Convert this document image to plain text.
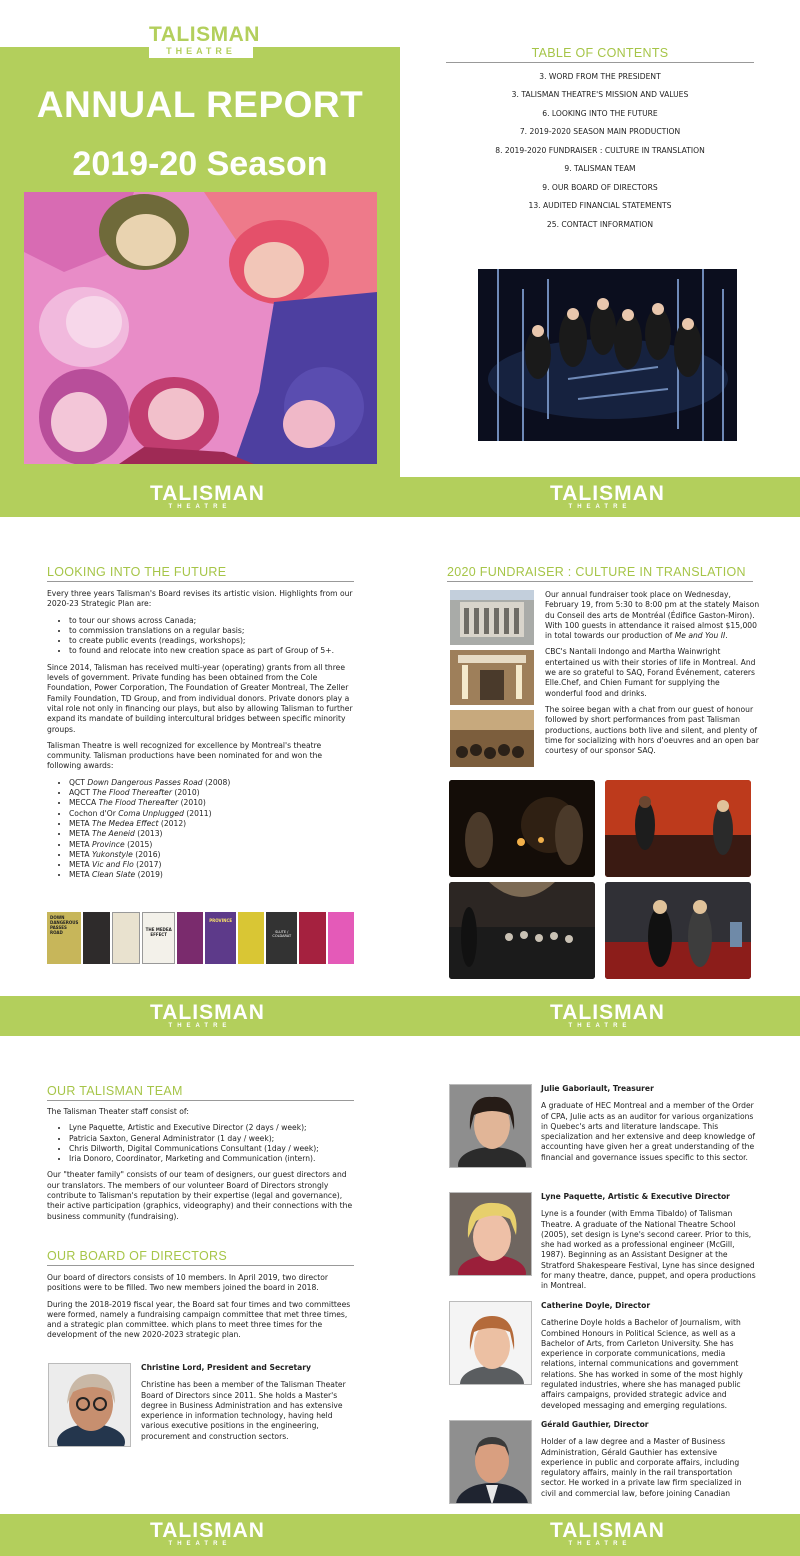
TALISMAN
THEATRE
ANNUAL REPORT
2019-20 Season
TABLE OF CONTENTS
3. WORD FROM THE PRESIDENT
3. TALISMAN THEATRE'S MISSION AND VALUES
6. LOOKING INTO THE FUTURE
7. 2019-2020 SEASON MAIN PRODUCTION
8. 2019-2020 FUNDRAISER : CULTURE IN TRANSLATION
9. TALISMAN TEAM
9. OUR BOARD OF DIRECTORS
13. AUDITED FINANCIAL STATEMENTS
25. CONTACT INFORMATION
TALISMAN
THEATRE
TALISMAN
THEATRE
LOOKING INTO THE FUTURE

Every three years Talisman's Board revises its artistic vision. Highlights from our 2020-23 Strategic Plan are:

• to tour our shows across Canada;
• to commission translations on a regular basis;
• to create public events (readings, workshops);
• to found and relocate into new creation space as part of Group of 5+.

Since 2014, Talisman has received multi-year (operating) grants from all three levels of government. Private funding has been obtained from the Cole Foundation, Power Corporation, The Foundation of Greater Montreal, The Zeller Family Foundation, TD Group, and from individual donors. Private donors play a vital role not only in financing our plays, but also by allowing Talisman to further expand its mandate of building intercultural bridges between specific minority groups.

Talisman Theatre is well recognized for excellence by Montreal's theatre community. Talisman productions have been nominated for and won the following awards:

• QCT Down Dangerous Passes Road (2008)
• AQCT The Flood Thereafter (2010)
• MECCA The Flood Thereafter (2010)
• Cochon d'Or Coma Unplugged (2011)
• META The Medea Effect (2012)
• META The Aeneid (2013)
• META Province (2015)
• META Yukonstyle (2016)
• META Vic and Flo (2017)
• META Clean Slate (2019)
DOWN DANGEROUS PASSES ROAD
THE MEDEA EFFECT
PROVINCE
SLUTE / COLDARAT
2020 FUNDRAISER : CULTURE IN TRANSLATION

Our annual fundraiser took place on Wednesday, February 19, from 5:30 to 8:00 pm at the stately Maison du Conseil des arts de Montréal (Édifice Gaston-Miron). With 100 guests in attendance it raised almost $15,000 in total towards our production of Me and You II.

CBC's Nantali Indongo and Martha Wainwright entertained us with their stories of life in Montreal. And we are so grateful to SAQ, Forand Événement, caterers Elle.Chef, and Chien Fumant for supplying the wonderful food and drinks.

The soiree began with a chat from our guest of honour followed by short performances from past Talisman productions, auctions both live and silent, and plenty of time for socializing with hors d'oeuvres and an open bar courtesy of our sponsor SAQ.

TALISMAN
THEATRE
TALISMAN
THEATRE
OUR TALISMAN TEAM

The Talisman Theater staff consist of:

• Lyne Paquette, Artistic and Executive Director (2 days / week);
• Patricia Saxton, General Administrator (1 day / week);
• Chris Dilworth, Digital Communications Consultant (1day / week);
• Iria Donoro, Coordinator, Marketing and Communication (intern).

Our "theater family" consists of our team of designers, our guest directors and our translators. The members of our volunteer Board of Directors strongly contribute to Talisman's reputation by their expertise (legal and governance), their active participation (graphics, videography) and their connections with the business community (fundraising).

OUR BOARD OF DIRECTORS

Our board of directors consists of 10 members. In April 2019, two director positions were to be filled. Two new members joined the board in 2018.

During the 2018-2019 fiscal year, the Board sat four times and two committees were formed, namely a fundraising campaign committee that met three times, and a strategic plan committee. which plans to meet three times for the development of the new 2020-2023 strategic plan.

Christine Lord, President and Secretary
Christine has been a member of the Talisman Theater Board of Directors since 2011. She holds a Master's degree in Business Administration and has extensive experience in information technology, having held various executive positions in the engineering, procurement and construction sectors.
Julie Gaboriault, Treasurer
A graduate of HEC Montreal and a member of the Order of CPA, Julie acts as an auditor for various organizations in Quebec's arts and literature landscape. This specialization and her extensive and deep knowledge of accounting have given her a great understanding of the financial and governance issues specific to this sector.
Lyne Paquette, Artistic & Executive Director
Lyne is a founder (with Emma Tibaldo) of Talisman Theatre. A graduate of the National Theatre School (2005), set design is Lyne's second career. Prior to this, she had worked as a professional engineer (McGill, 1987). Beginning as an Assistant Designer at the Stratford Shakespeare Festival, Lyne has since designed for many theatre, dance, puppet, and opera productions in Montreal.
Catherine Doyle, Director
Catherine Doyle holds a Bachelor of Journalism, with Combined Honours in Political Science, as well as a Bachelor of Arts, from Carleton University. She has experience in corporate communications, media relations, internal communications and government relations. She has worked in some of the most highly regulated industries, where she has managed public affairs campaigns, provided strategic advice and developed messaging and emerging regulations.
Gérald Gauthier, Director
Holder of a law degree and a Master of Business Administration, Gérald Gauthier has extensive experience in public and corporate affairs, including regulatory affairs, mainly in the rail transportation sector. He worked in a private law firm specialized in civil and commercial law, before joining Canadian
TALISMAN
THEATRE
TALISMAN
THEATRE
